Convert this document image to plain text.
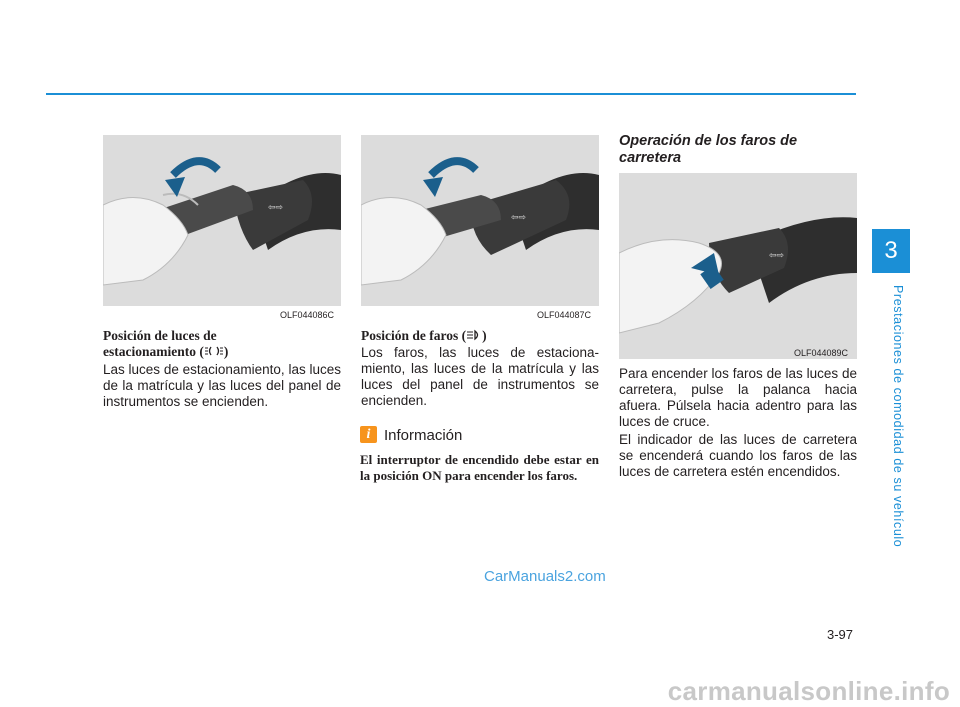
3
Prestaciones de comodidad de su vehículo
⇦⇨
OLF044086C
⇦⇨
OLF044087C
⇦⇨
OLF044089C
Posición de luces de
estacionamiento ( )
Las luces de estacionamiento, las luces de la matrícula y las luces del panel de instrumentos se encienden.
Posición de faros ( )
Los faros, las luces de estaciona- miento, las luces de la matrícula y las luces del panel de instrumentos se encienden.
i Información
El interruptor de encendido debe estar en la posición ON para encender los faros.
Operación de los faros de
carretera
Para encender los faros de las luces de carretera, pulse la palanca hacia afuera. Púlsela hacia adentro para las luces de cruce.
El indicador de las luces de carretera se encenderá cuando los faros de las luces de carretera estén encendidos.
CarManuals2.com
3-97
carmanualsonline.info
